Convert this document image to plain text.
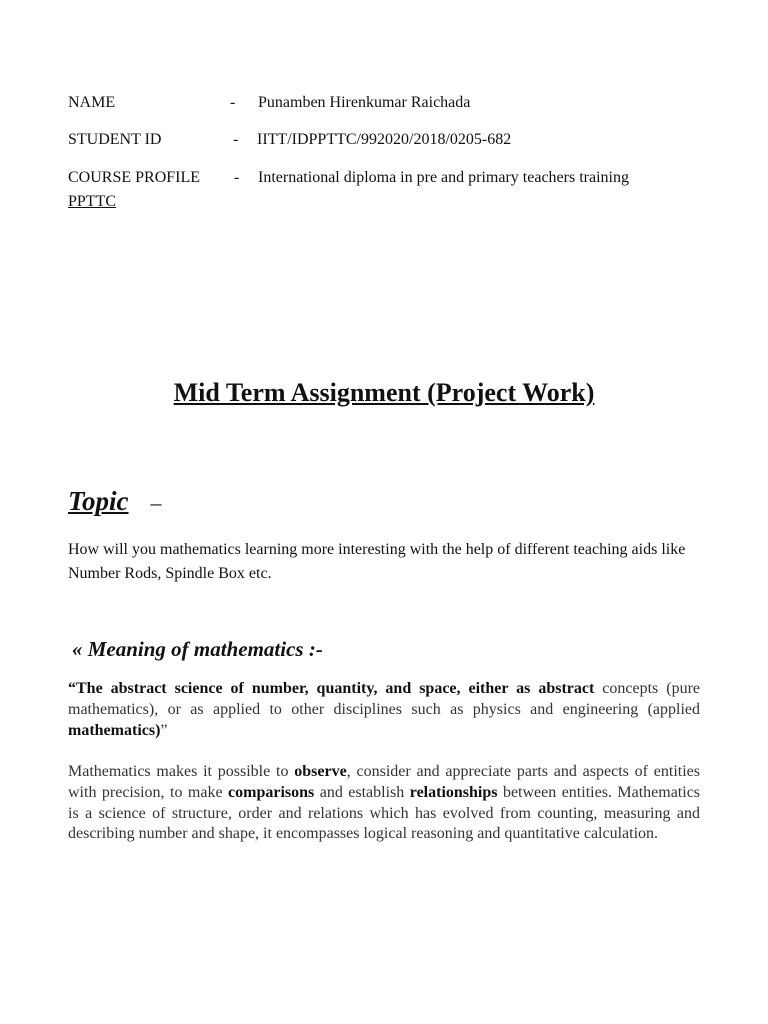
NAME	- Punamben Hirenkumar Raichada
STUDENT ID	- IITT/IDPPTTC/992020/2018/0205-682
COURSE PROFILE - International diploma in pre and primary teachers training
PPTTC
Mid Term Assignment (Project Work)
Topic –
How will you mathematics learning more interesting with the help of different teaching aids like Number Rods, Spindle Box etc.
« Meaning of mathematics :-
“The abstract science of number, quantity, and space, either as abstract concepts (pure mathematics), or as applied to other disciplines such as physics and engineering (applied mathematics)”
Mathematics makes it possible to observe, consider and appreciate parts and aspects of entities with precision, to make comparisons and establish relationships between entities. Mathematics is a science of structure, order and relations which has evolved from counting, measuring and describing number and shape, it encompasses logical reasoning and quantitative calculation.
